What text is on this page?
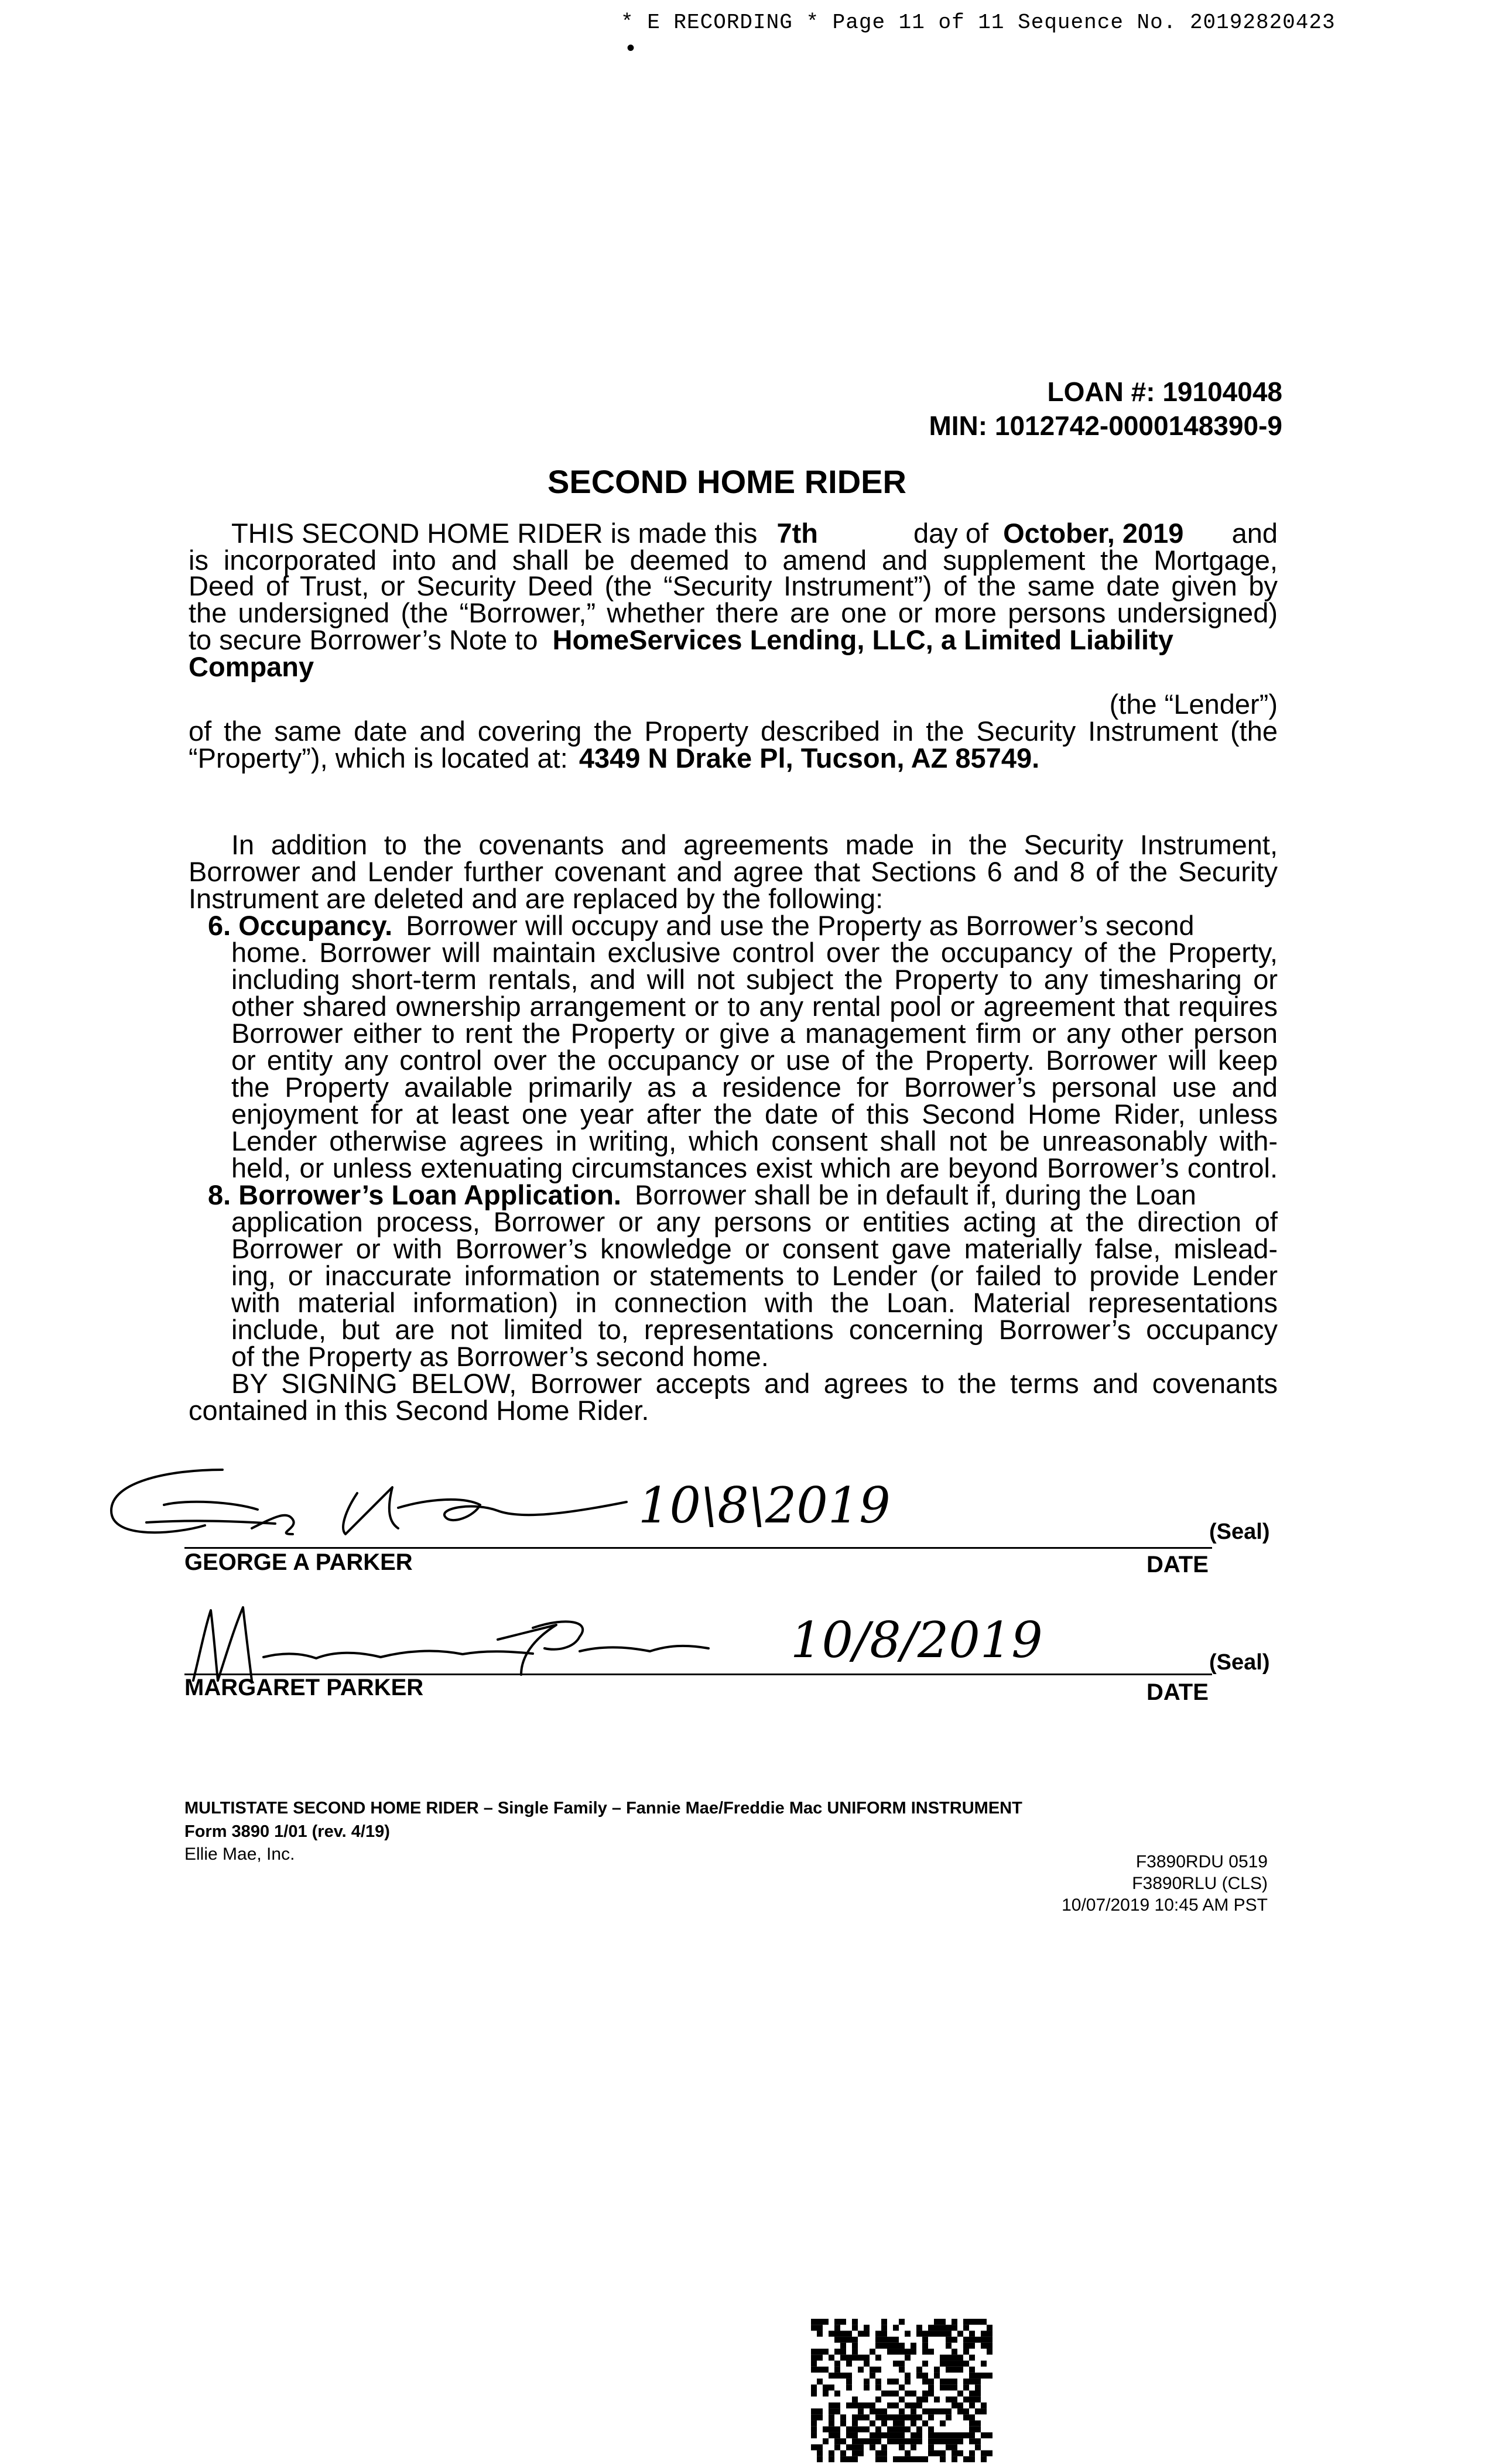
* E RECORDING * Page 11 of 11 Sequence No. 20192820423
•
LOAN #: 19104048
MIN: 1012742-0000148390-9
SECOND HOME RIDER
THIS SECOND HOME RIDER is made this 7th	day of October, 2019 and
is incorporated into and shall be deemed to amend and supplement the Mortgage,
Deed of Trust, or Security Deed (the “Security Instrument”) of the same date given by
the undersigned (the “Borrower,” whether there are one or more persons undersigned)
to secure Borrower’s Note to HomeServices Lending, LLC, a Limited Liability
Company
(the “Lender”)
of the same date and covering the Property described in the Security Instrument (the
“Property”), which is located at: 4349 N Drake Pl, Tucson, AZ 85749.
In addition to the covenants and agreements made in the Security Instrument,
Borrower and Lender further covenant and agree that Sections 6 and 8 of the Security
Instrument are deleted and are replaced by the following:
6. Occupancy. Borrower will occupy and use the Property as Borrower’s second
home. Borrower will maintain exclusive control over the occupancy of the Property,
including short-term rentals, and will not subject the Property to any timesharing or
other shared ownership arrangement or to any rental pool or agreement that requires
Borrower either to rent the Property or give a management firm or any other person
or entity any control over the occupancy or use of the Property. Borrower will keep
the Property available primarily as a residence for Borrower’s personal use and
enjoyment for at least one year after the date of this Second Home Rider, unless
Lender otherwise agrees in writing, which consent shall not be unreasonably with-
held, or unless extenuating circumstances exist which are beyond Borrower’s control.
8. Borrower’s Loan Application. Borrower shall be in default if, during the Loan
application process, Borrower or any persons or entities acting at the direction of
Borrower or with Borrower’s knowledge or consent gave materially false, mislead-
ing, or inaccurate information or statements to Lender (or failed to provide Lender
with material information) in connection with the Loan. Material representations
include, but are not limited to, representations concerning Borrower’s occupancy
of the Property as Borrower’s second home.
BY SIGNING BELOW, Borrower accepts and agrees to the terms and covenants
contained in this Second Home Rider.
10\8\2019	(Seal)
GEORGE A PARKER	DATE
10/8/2019	(Seal)
MARGARET PARKER	DATE
MULTISTATE SECOND HOME RIDER – Single Family – Fannie Mae/Freddie Mac UNIFORM INSTRUMENT
Form 3890 1/01 (rev. 4/19)
Ellie Mae, Inc.	F3890RDU 0519
F3890RLU (CLS)
10/07/2019 10:45 AM PST
